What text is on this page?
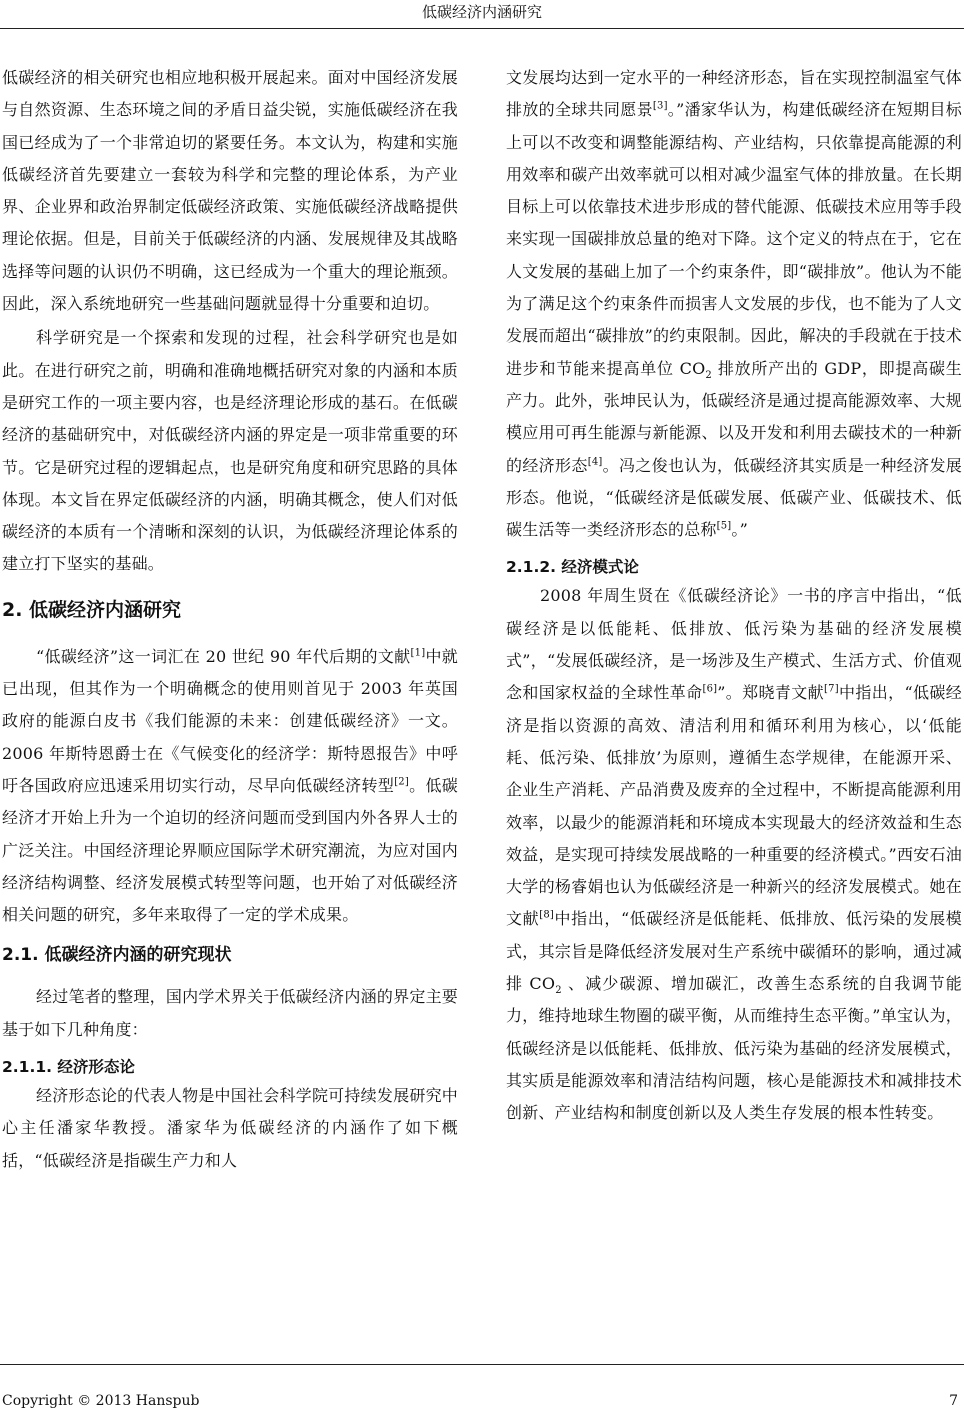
低碳经济内涵研究

低碳经济的相关研究也相应地积极开展起来。面对中国经济发展与自然资源、生态环境之间的矛盾日益尖锐，实施低碳经济在我国已经成为了一个非常迫切的紧要任务。本文认为，构建和实施低碳经济首先要建立一套较为科学和完整的理论体系，为产业界、企业界和政治界制定低碳经济政策、实施低碳经济战略提供理论依据。但是，目前关于低碳经济的内涵、发展规律及其战略选择等问题的认识仍不明确，这已经成为一个重大的理论瓶颈。因此，深入系统地研究一些基础问题就显得十分重要和迫切。

科学研究是一个探索和发现的过程，社会科学研究也是如此。在进行研究之前，明确和准确地概括研究对象的内涵和本质是研究工作的一项主要内容，也是经济理论形成的基石。在低碳经济的基础研究中，对低碳经济内涵的界定是一项非常重要的环节。它是研究过程的逻辑起点，也是研究角度和研究思路的具体体现。本文旨在界定低碳经济的内涵，明确其概念，使人们对低碳经济的本质有一个清晰和深刻的认识，为低碳经济理论体系的建立打下坚实的基础。

2. 低碳经济内涵研究

“低碳经济”这一词汇在 20 世纪 90 年代后期的文献[1]中就已出现，但其作为一个明确概念的使用则首见于 2003 年英国政府的能源白皮书《我们能源的未来：创建低碳经济》一文。2006 年斯特恩爵士在《气候变化的经济学：斯特恩报告》中呼吁各国政府应迅速采用切实行动，尽早向低碳经济转型[2]。低碳经济才开始上升为一个迫切的经济问题而受到国内外各界人士的广泛关注。中国经济理论界顺应国际学术研究潮流，为应对国内经济结构调整、经济发展模式转型等问题，也开始了对低碳经济相关问题的研究，多年来取得了一定的学术成果。

2.1. 低碳经济内涵的研究现状

经过笔者的整理，国内学术界关于低碳经济内涵的界定主要基于如下几种角度：

2.1.1. 经济形态论

经济形态论的代表人物是中国社会科学院可持续发展研究中心主任潘家华教授。潘家华为低碳经济的内涵作了如下概括，“低碳经济是指碳生产力和人

文发展均达到一定水平的一种经济形态，旨在实现控制温室气体排放的全球共同愿景[3]。”潘家华认为，构建低碳经济在短期目标上可以不改变和调整能源结构、产业结构，只依靠提高能源的利用效率和碳产出效率就可以相对减少温室气体的排放量。在长期目标上可以依靠技术进步形成的替代能源、低碳技术应用等手段来实现一国碳排放总量的绝对下降。这个定义的特点在于，它在人文发展的基础上加了一个约束条件，即“碳排放”。他认为不能为了满足这个约束条件而损害人文发展的步伐，也不能为了人文发展而超出“碳排放”的约束限制。因此，解决的手段就在于技术进步和节能来提高单位 $CO_2$ 排放所产出的 GDP，即提高碳生产力。此外，张坤民认为，低碳经济是通过提高能源效率、大规模应用可再生能源与新能源、以及开发和利用去碳技术的一种新的经济形态[4]。冯之俊也认为，低碳经济其实质是一种经济发展形态。他说，“低碳经济是低碳发展、低碳产业、低碳技术、低碳生活等一类经济形态的总称[5]。”

2.1.2. 经济模式论

2008 年周生贤在《低碳经济论》一书的序言中指出，“低碳经济是以低能耗、低排放、低污染为基础的经济发展模式”，“发展低碳经济，是一场涉及生产模式、生活方式、价值观念和国家权益的全球性革命[6]”。郑晓青文献[7]中指出，“低碳经济是指以资源的高效、清洁利用和循环利用为核心，以‘低能耗、低污染、低排放’为原则，遵循生态学规律，在能源开采、企业生产消耗、产品消费及废弃的全过程中，不断提高能源利用效率，以最少的能源消耗和环境成本实现最大的经济效益和生态效益，是实现可持续发展战略的一种重要的经济模式。”西安石油大学的杨睿娟也认为低碳经济是一种新兴的经济发展模式。她在文献[8]中指出，“低碳经济是低能耗、低排放、低污染的发展模式，其宗旨是降低经济发展对生产系统中碳循环的影响，通过减排 $CO_2$ 、减少碳源、增加碳汇，改善生态系统的自我调节能力，维持地球生物圈的碳平衡，从而维持生态平衡。”单宝认为，低碳经济是以低能耗、低排放、低污染为基础的经济发展模式，其实质是能源效率和清洁结构问题，核心是能源技术和减排技术创新、产业结构和制度创新以及人类生存发展的根本性转变。

Copyright © 2013 Hanspub	7
